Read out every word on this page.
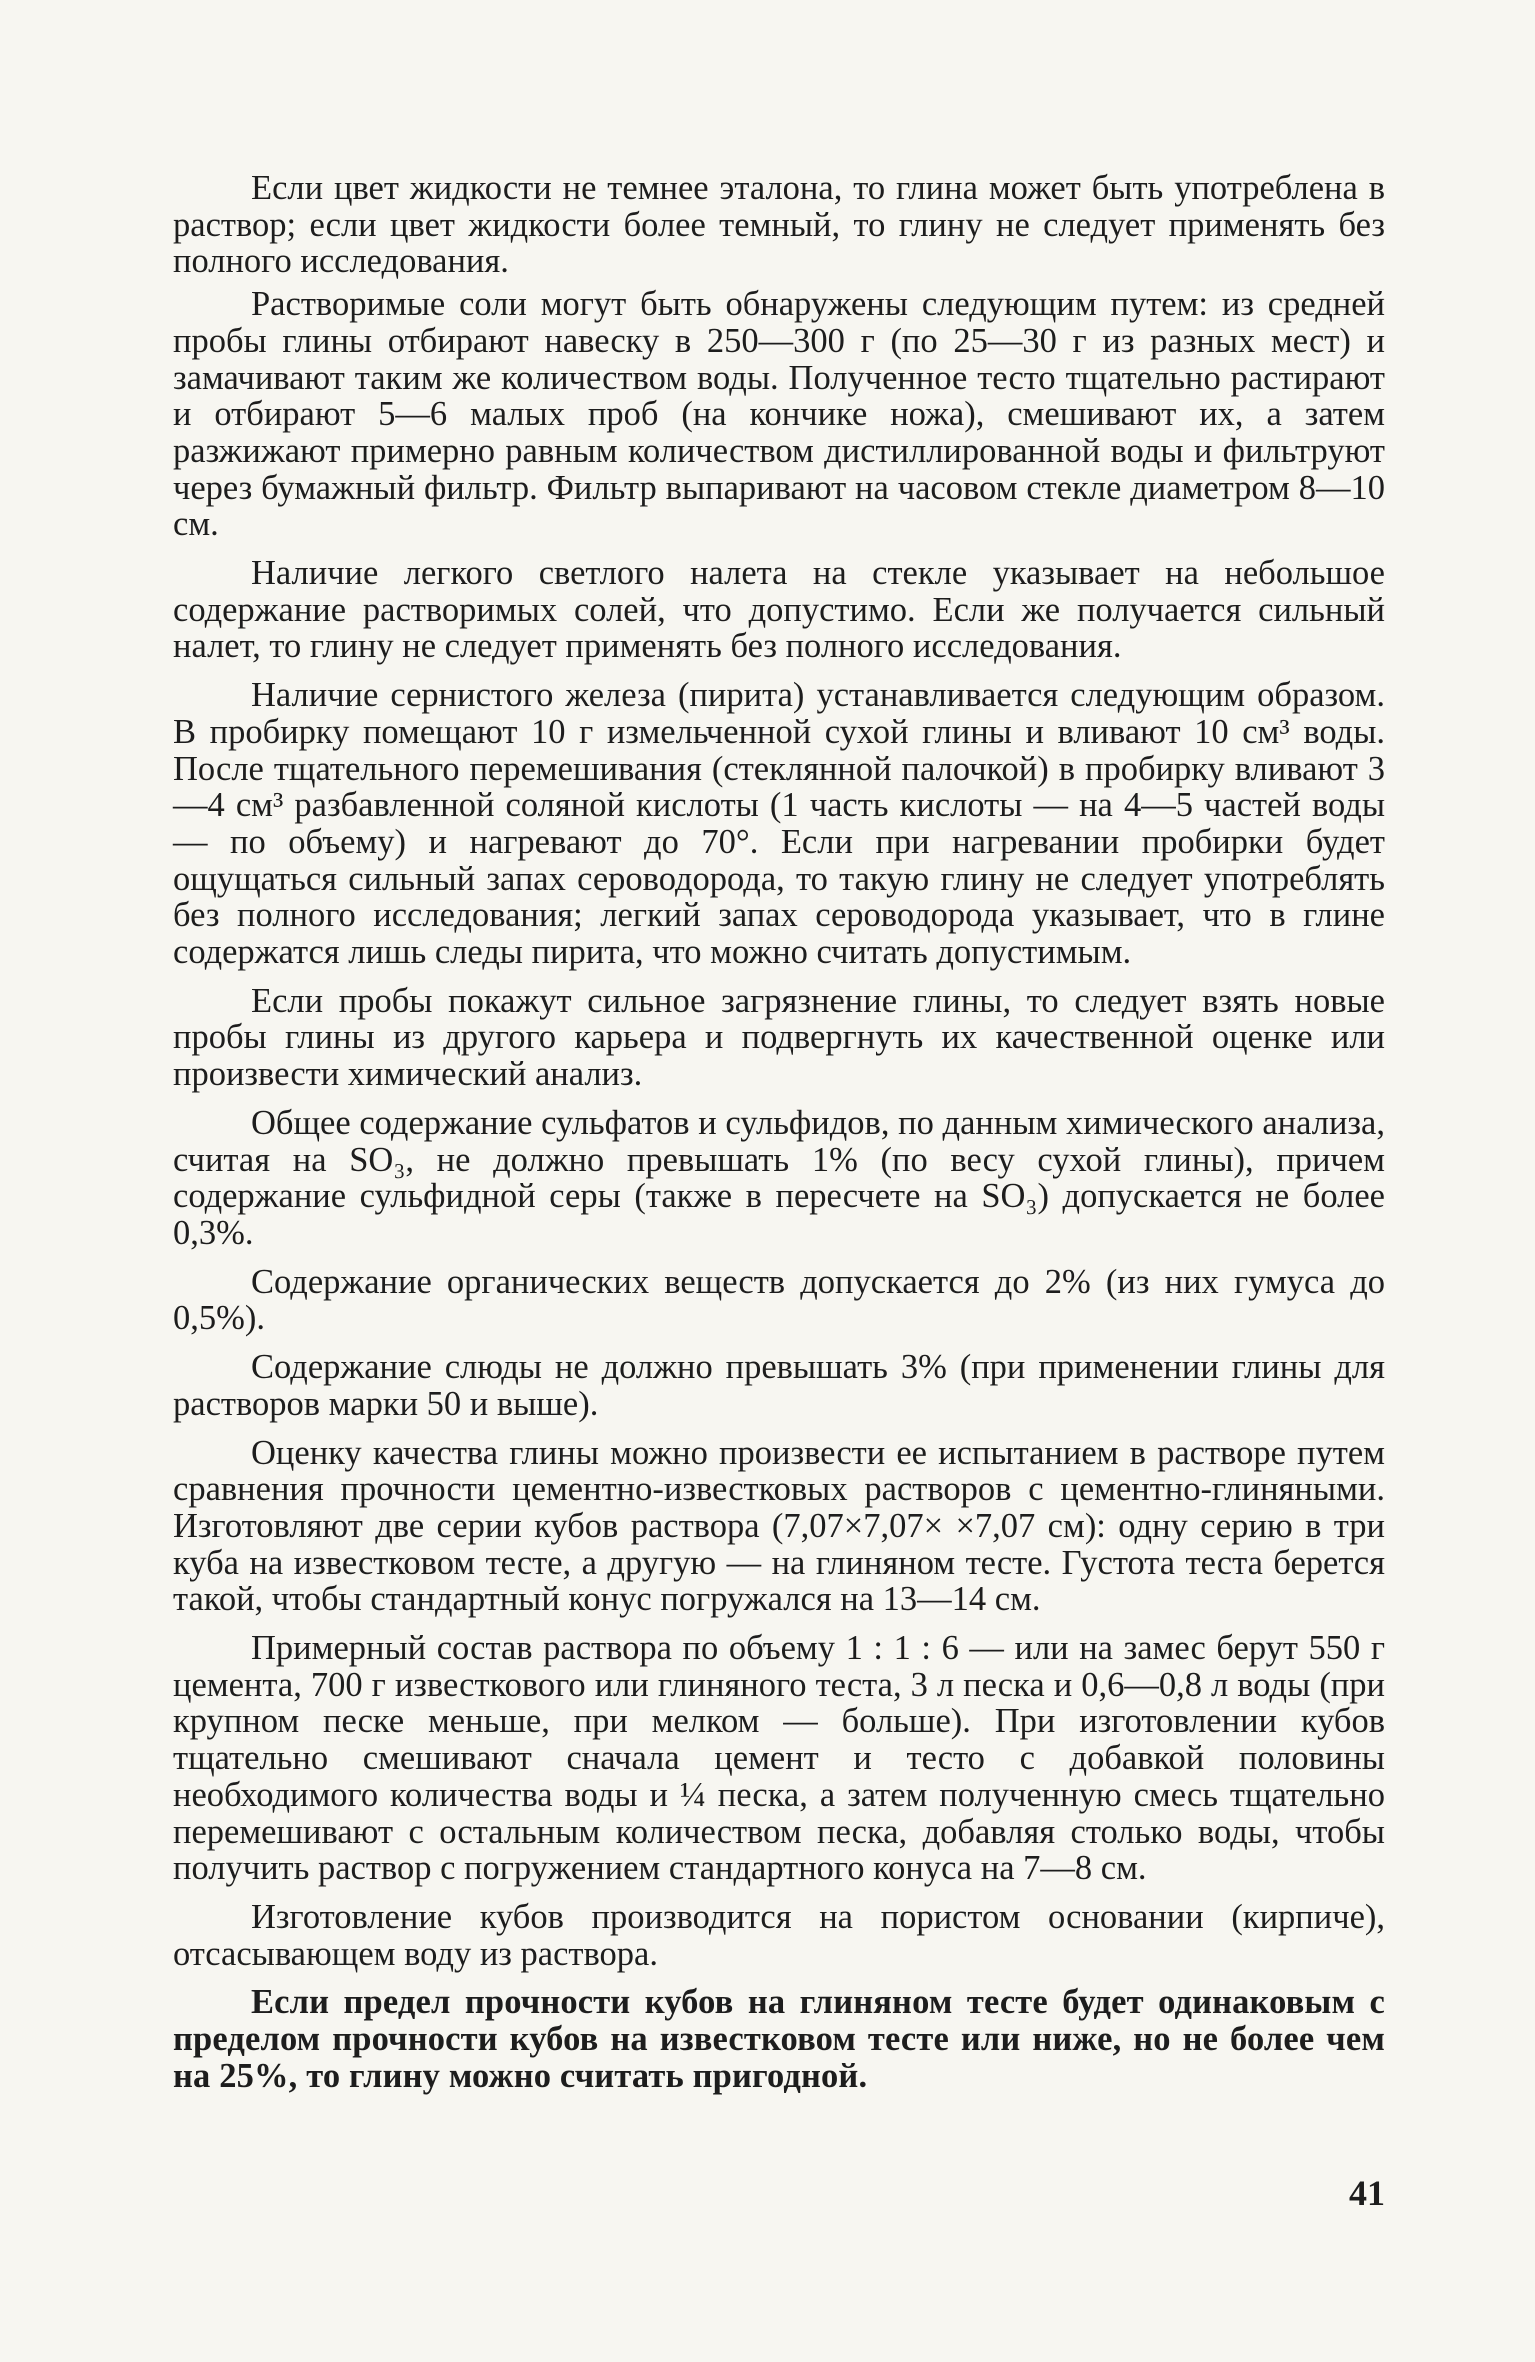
Если цвет жидкости не темнее эталона, то глина может быть употреблена в раствор; если цвет жидкости более темный, то глину не следует применять без полного исследования.

Растворимые соли могут быть обнаружены следующим путем: из средней пробы глины отбирают навеску в 250—300 г (по 25—30 г из разных мест) и замачивают таким же количеством воды. Полученное тесто тщательно растирают и отбирают 5—6 малых проб (на кончике ножа), смешивают их, а затем разжижают примерно равным количеством дистиллированной воды и фильтруют через бумажный фильтр. Фильтр выпаривают на часовом стекле диаметром 8—10 см.

Наличие легкого светлого налета на стекле указывает на небольшое содержание растворимых солей, что допустимо. Если же получается сильный налет, то глину не следует применять без полного исследования.

Наличие сернистого железа (пирита) устанавливается следующим образом. В пробирку помещают 10 г измельченной сухой глины и вливают 10 см³ воды. После тщательного перемешивания (стеклянной палочкой) в пробирку вливают 3—4 см³ разбавленной соляной кислоты (1 часть кислоты — на 4—5 частей воды — по объему) и нагревают до 70°. Если при нагревании пробирки будет ощущаться сильный запах сероводорода, то такую глину не следует употреблять без полного исследования; легкий запах сероводорода указывает, что в глине содержатся лишь следы пирита, что можно считать допустимым.

Если пробы покажут сильное загрязнение глины, то следует взять новые пробы глины из другого карьера и подвергнуть их качественной оценке или произвести химический анализ.

Общее содержание сульфатов и сульфидов, по данным химического анализа, считая на SO₃, не должно превышать 1% (по весу сухой глины), причем содержание сульфидной серы (также в пересчете на SO₃) допускается не более 0,3%.

Содержание органических веществ допускается до 2% (из них гумуса до 0,5%).

Содержание слюды не должно превышать 3% (при применении глины для растворов марки 50 и выше).

Оценку качества глины можно произвести ее испытанием в растворе путем сравнения прочности цементно-известковых растворов с цементно-глиняными. Изготовляют две серии кубов раствора (7,07×7,07× ×7,07 см): одну серию в три куба на известковом тесте, а другую — на глиняном тесте. Густота теста берется такой, чтобы стандартный конус погружался на 13—14 см.

Примерный состав раствора по объему 1 : 1 : 6 — или на замес берут 550 г цемента, 700 г известкового или глиняного теста, 3 л песка и 0,6—0,8 л воды (при крупном песке меньше, при мелком — больше). При изготовлении кубов тщательно смешивают сначала цемент и тесто с добавкой половины необходимого количества воды и ¼ песка, а затем полученную смесь тщательно перемешивают с остальным количеством песка, добавляя столько воды, чтобы получить раствор с погружением стандартного конуса на 7—8 см.

Изготовление кубов производится на пористом основании (кирпиче), отсасывающем воду из раствора.

Если предел прочности кубов на глиняном тесте будет одинаковым с пределом прочности кубов на известковом тесте или ниже, но не более чем на 25%, то глину можно считать пригодной.

41
